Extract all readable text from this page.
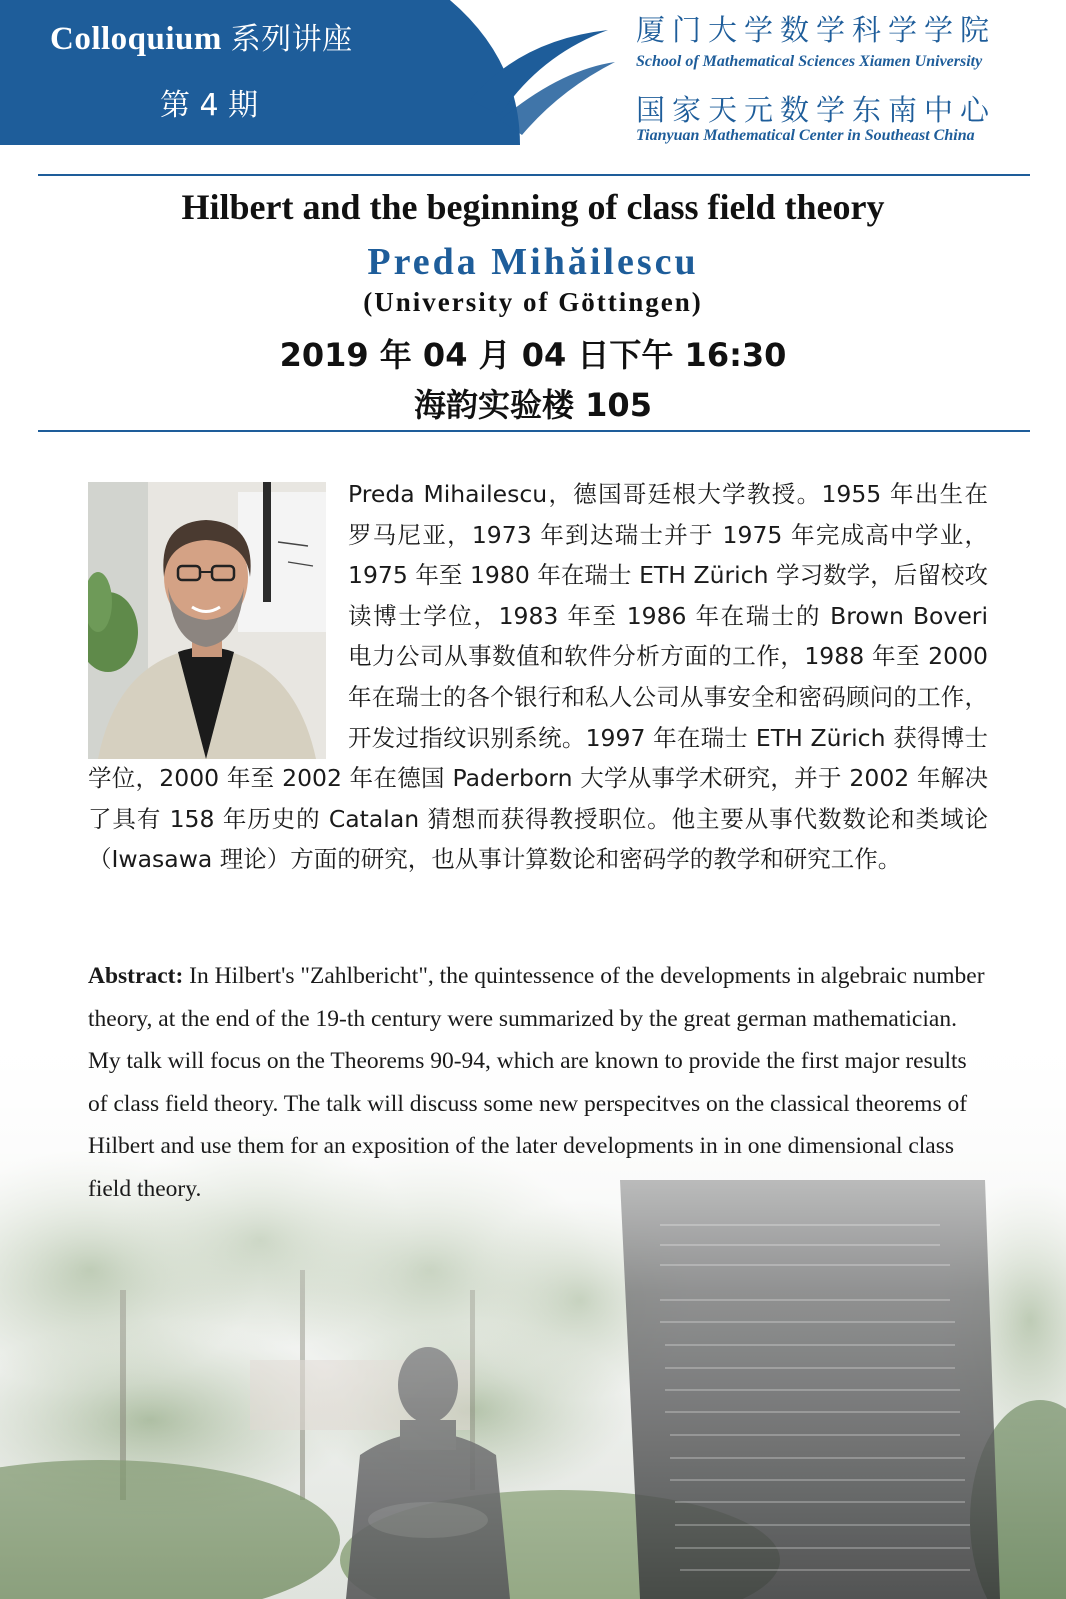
Colloquium 系列讲座
第 4 期
厦门大学数学科学学院
School of Mathematical Sciences Xiamen University
国家天元数学东南中心
Tianyuan Mathematical Center in Southeast China
Hilbert and the beginning of class field theory
Preda Mihăilescu
(University of Göttingen)
2019 年 04 月 04 日下午 16:30
海韵实验楼 105

Preda Mihailescu，德国哥廷根大学教授。1955 年出生在罗马尼亚，1973 年到达瑞士并于 1975 年完成高中学业，1975 年至 1980 年在瑞士 ETH Zürich 学习数学，后留校攻读博士学位，1983 年至 1986 年在瑞士的 Brown Boveri 电力公司从事数值和软件分析方面的工作，1988 年至 2000 年在瑞士的各个银行和私人公司从事安全和密码顾问的工作，开发过指纹识别系统。1997 年在瑞士 ETH Zürich 获得博士学位，2000 年至 2002 年在德国 Paderborn 大学从事学术研究，并于 2002 年解决了具有 158 年历史的 Catalan 猜想而获得教授职位。他主要从事代数数论和类域论（Iwasawa 理论）方面的研究，也从事计算数论和密码学的教学和研究工作。

Abstract: In Hilbert's "Zahlbericht", the quintessence of the developments in algebraic number theory, at the end of the 19-th century were summarized by the great german mathematician. My talk will focus on the Theorems 90-94, which are known to provide the first major results of class field theory. The talk will discuss some new perspecitves on the classical theorems of Hilbert and use them for an exposition of the later developments in in one dimensional class field theory.
